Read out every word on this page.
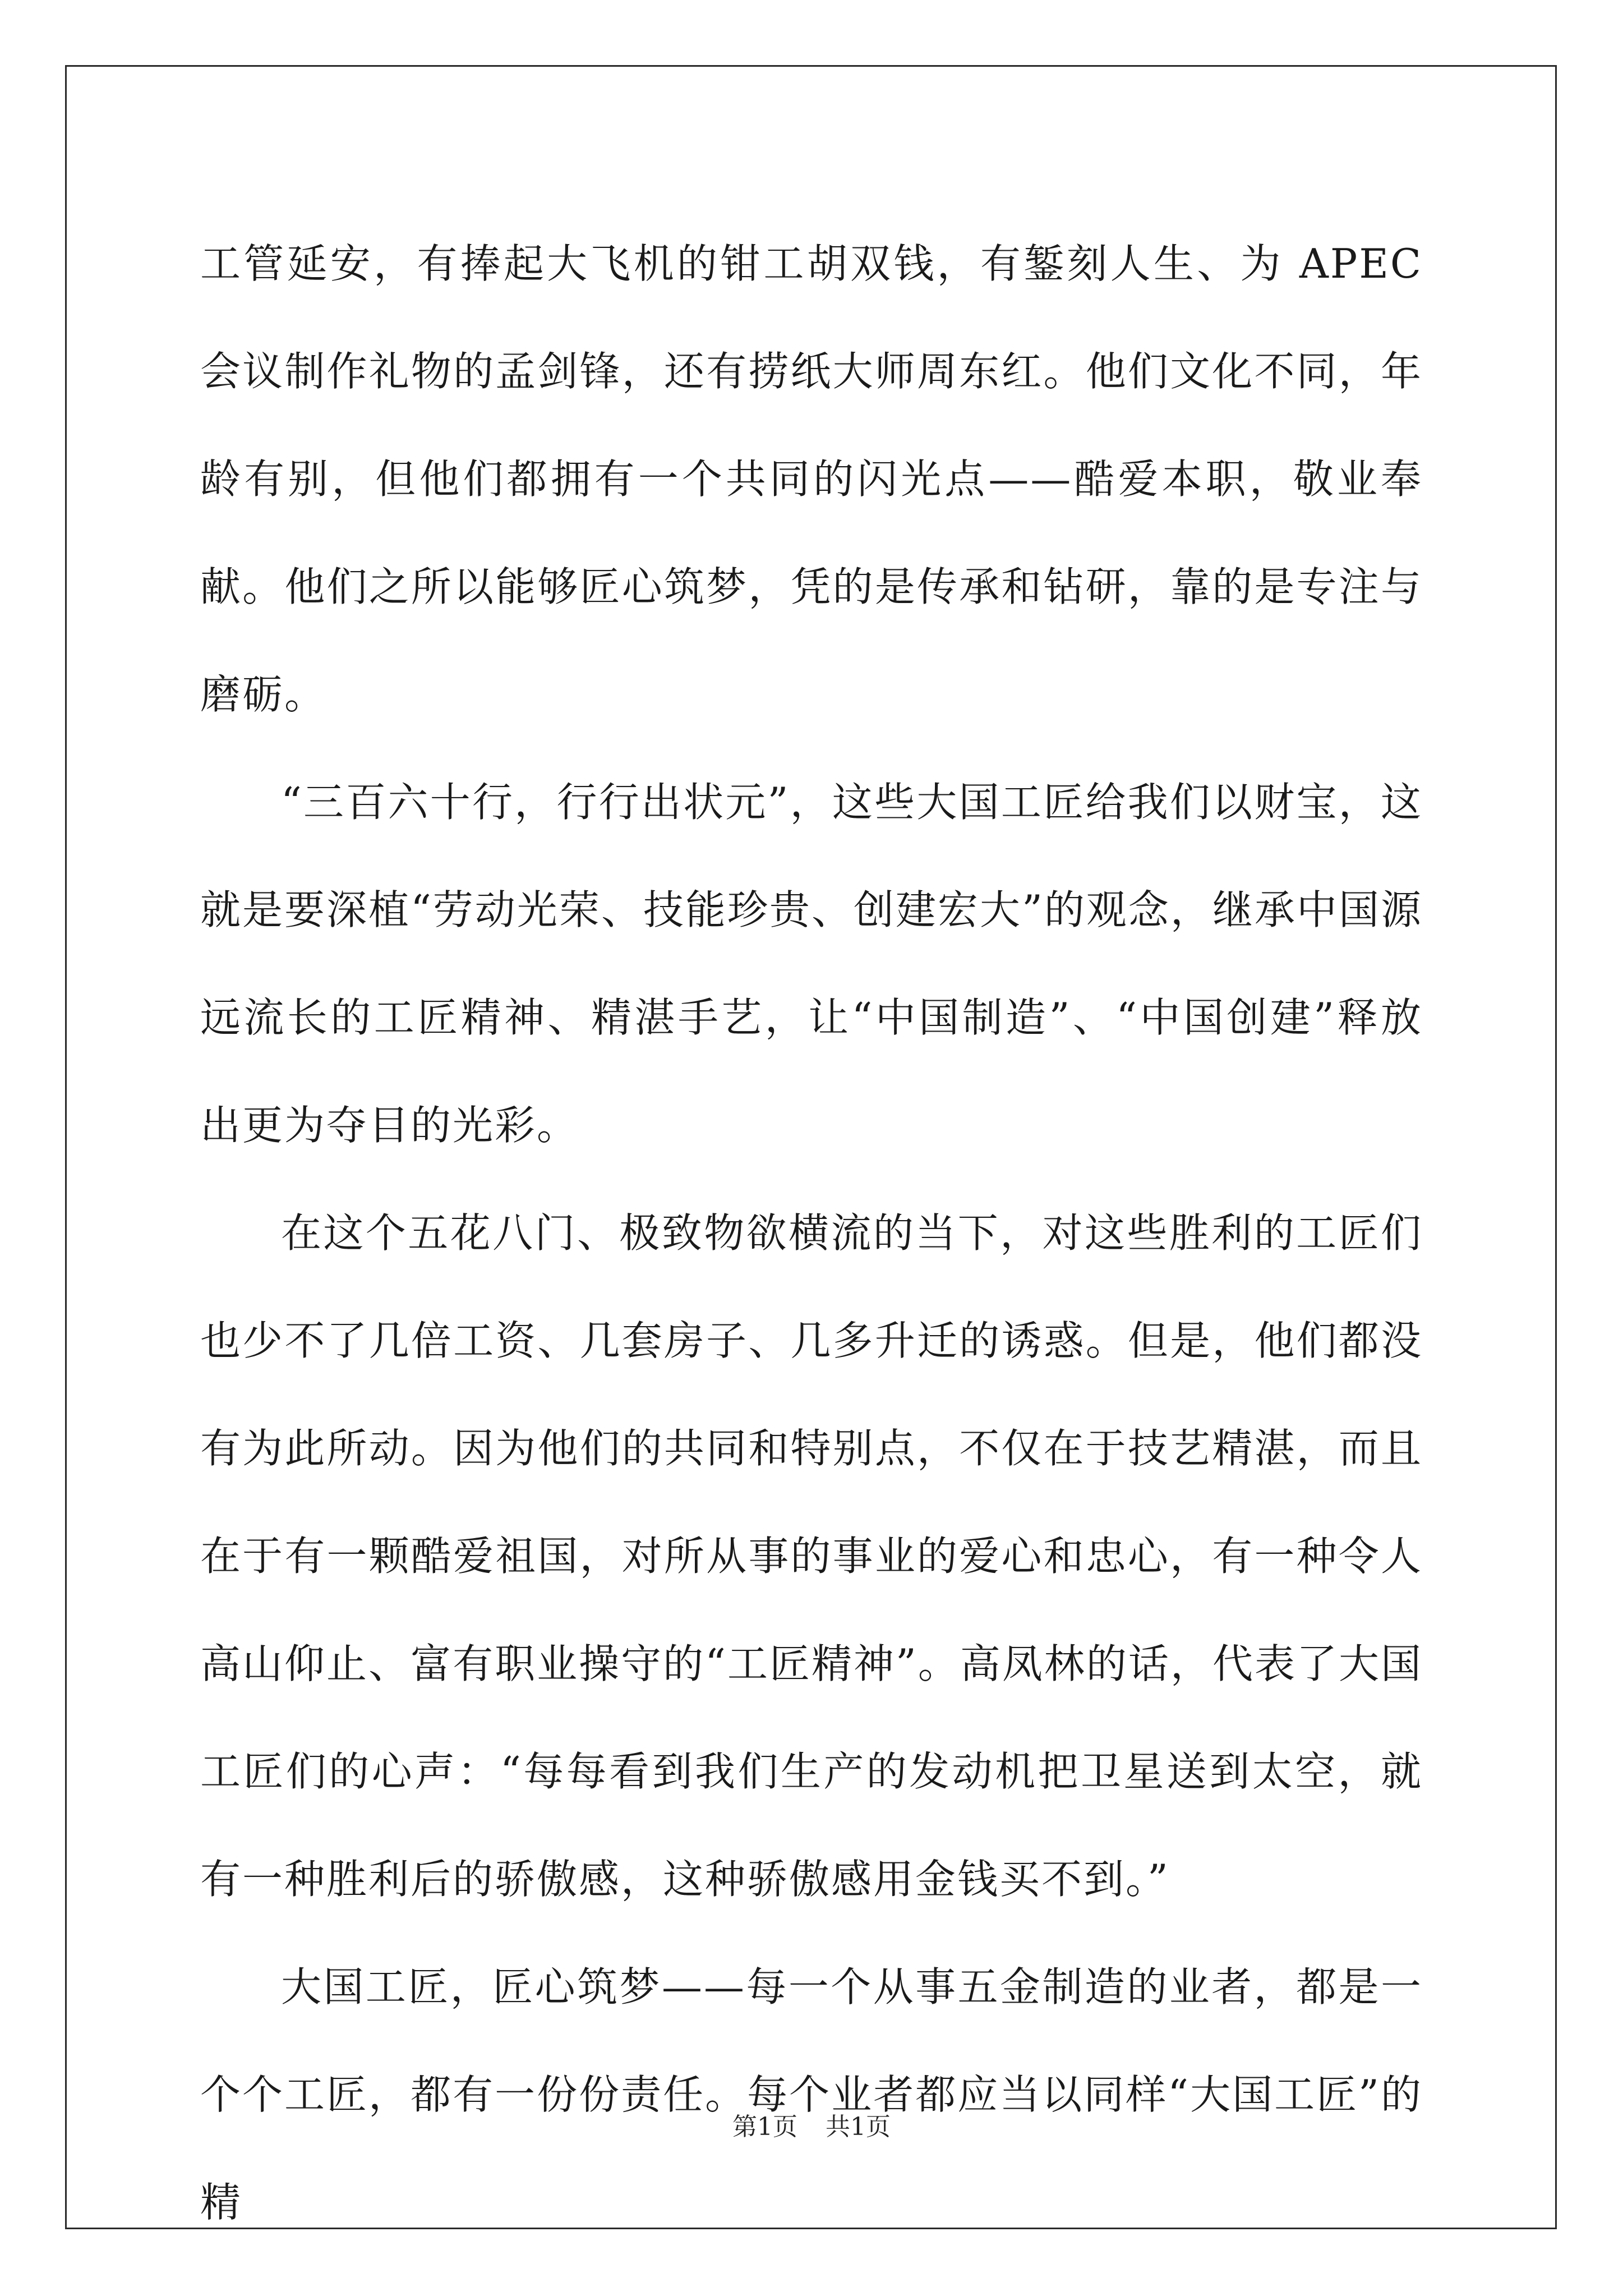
工管延安，有捧起大飞机的钳工胡双钱，有錾刻人生、为 APEC 会议制作礼物的孟剑锋，还有捞纸大师周东红。他们文化不同，年龄有别，但他们都拥有一个共同的闪光点——酷爱本职，敬业奉献。他们之所以能够匠心筑梦，凭的是传承和钻研，靠的是专注与磨砺。

“三百六十行，行行出状元”，这些大国工匠给我们以财宝，这就是要深植“劳动光荣、技能珍贵、创建宏大”的观念，继承中国源远流长的工匠精神、精湛手艺，让“中国制造”、“中国创建”释放出更为夺目的光彩。

在这个五花八门、极致物欲横流的当下，对这些胜利的工匠们也少不了几倍工资、几套房子、几多升迁的诱惑。但是，他们都没有为此所动。因为他们的共同和特别点，不仅在于技艺精湛，而且在于有一颗酷爱祖国，对所从事的事业的爱心和忠心，有一种令人高山仰止、富有职业操守的“工匠精神”。高凤林的话，代表了大国工匠们的心声：“每每看到我们生产的发动机把卫星送到太空，就有一种胜利后的骄傲感，这种骄傲感用金钱买不到。”

大国工匠，匠心筑梦——每一个从事五金制造的业者，都是一个个工匠，都有一份份责任。每个业者都应当以同样“大国工匠”的精

第1页 共1页
